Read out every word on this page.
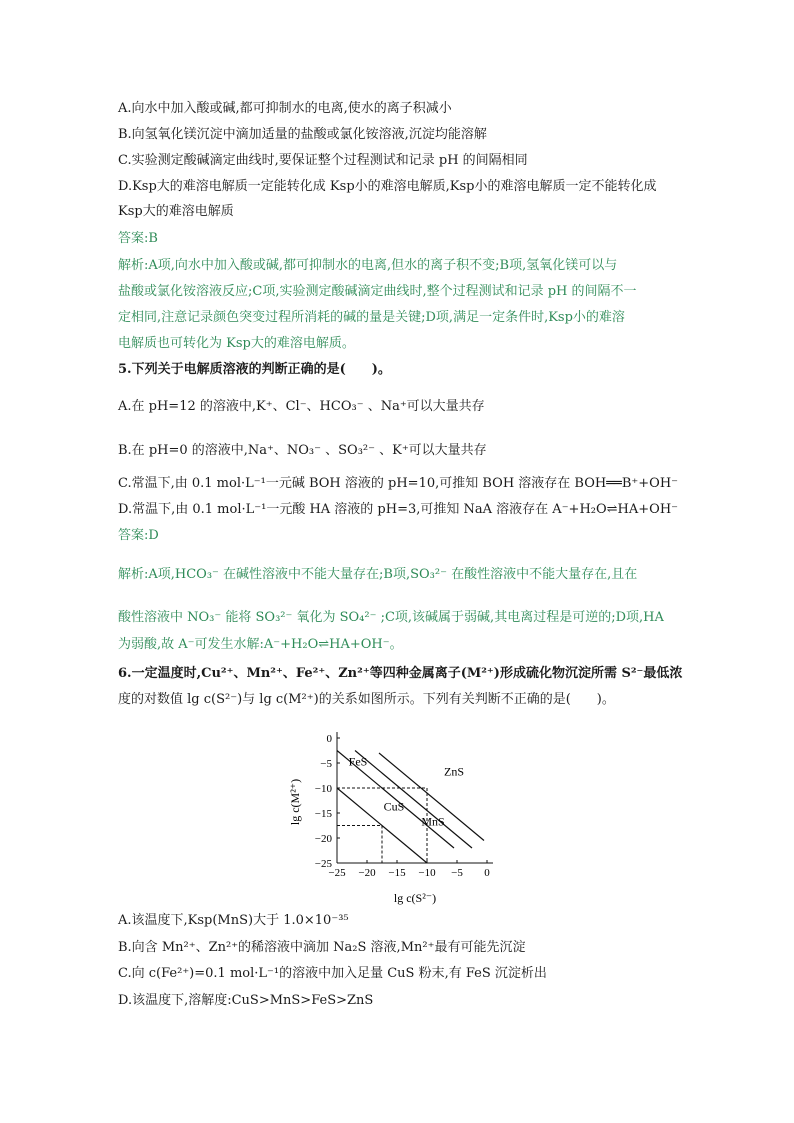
A.向水中加入酸或碱,都可抑制水的电离,使水的离子积减小
B.向氢氧化镁沉淀中滴加适量的盐酸或氯化铵溶液,沉淀均能溶解
C.实验测定酸碱滴定曲线时,要保证整个过程测试和记录 pH 的间隔相同
D.Ksp大的难溶电解质一定能转化成 Ksp小的难溶电解质,Ksp小的难溶电解质一定不能转化成
Ksp大的难溶电解质
答案:B
解析:A项,向水中加入酸或碱,都可抑制水的电离,但水的离子积不变;B项,氢氧化镁可以与
盐酸或氯化铵溶液反应;C项,实验测定酸碱滴定曲线时,整个过程测试和记录 pH 的间隔不一
定相同,注意记录颜色突变过程所消耗的碱的量是关键;D项,满足一定条件时,Ksp小的难溶
电解质也可转化为 Ksp大的难溶电解质。
5.下列关于电解质溶液的判断正确的是(　　)。
A.在 pH=12 的溶液中,K⁺、Cl⁻、HCO₃⁻ 、Na⁺可以大量共存
B.在 pH=0 的溶液中,Na⁺、NO₃⁻ 、SO₃²⁻ 、K⁺可以大量共存
C.常温下,由 0.1 mol·L⁻¹一元碱 BOH 溶液的 pH=10,可推知 BOH 溶液存在 BOH══B⁺+OH⁻
D.常温下,由 0.1 mol·L⁻¹一元酸 HA 溶液的 pH=3,可推知 NaA 溶液存在 A⁻+H₂O⇌HA+OH⁻
答案:D
解析:A项,HCO₃⁻ 在碱性溶液中不能大量存在;B项,SO₃²⁻ 在酸性溶液中不能大量存在,且在
酸性溶液中 NO₃⁻ 能将 SO₃²⁻ 氧化为 SO₄²⁻ ;C项,该碱属于弱碱,其电离过程是可逆的;D项,HA
为弱酸,故 A⁻可发生水解:A⁻+H₂O⇌HA+OH⁻。
6.一定温度时,Cu²⁺、Mn²⁺、Fe²⁺、Zn²⁺等四种金属离子(M²⁺)形成硫化物沉淀所需 S²⁻最低浓
度的对数值 lg c(S²⁻)与 lg c(M²⁺)的关系如图所示。下列有关判断不正确的是(　　)。
CuS
MnS
FeS
ZnS
−25 −20 −15 −10 −5 0
0
−5
−10
−15
−20
−25
lg c(S²⁻)
lg c(M²⁺)
A.该温度下,Ksp(MnS)大于 1.0×10⁻³⁵
B.向含 Mn²⁺、Zn²⁺的稀溶液中滴加 Na₂S 溶液,Mn²⁺最有可能先沉淀
C.向 c(Fe²⁺)=0.1 mol·L⁻¹的溶液中加入足量 CuS 粉末,有 FeS 沉淀析出
D.该温度下,溶解度:CuS>MnS>FeS>ZnS
